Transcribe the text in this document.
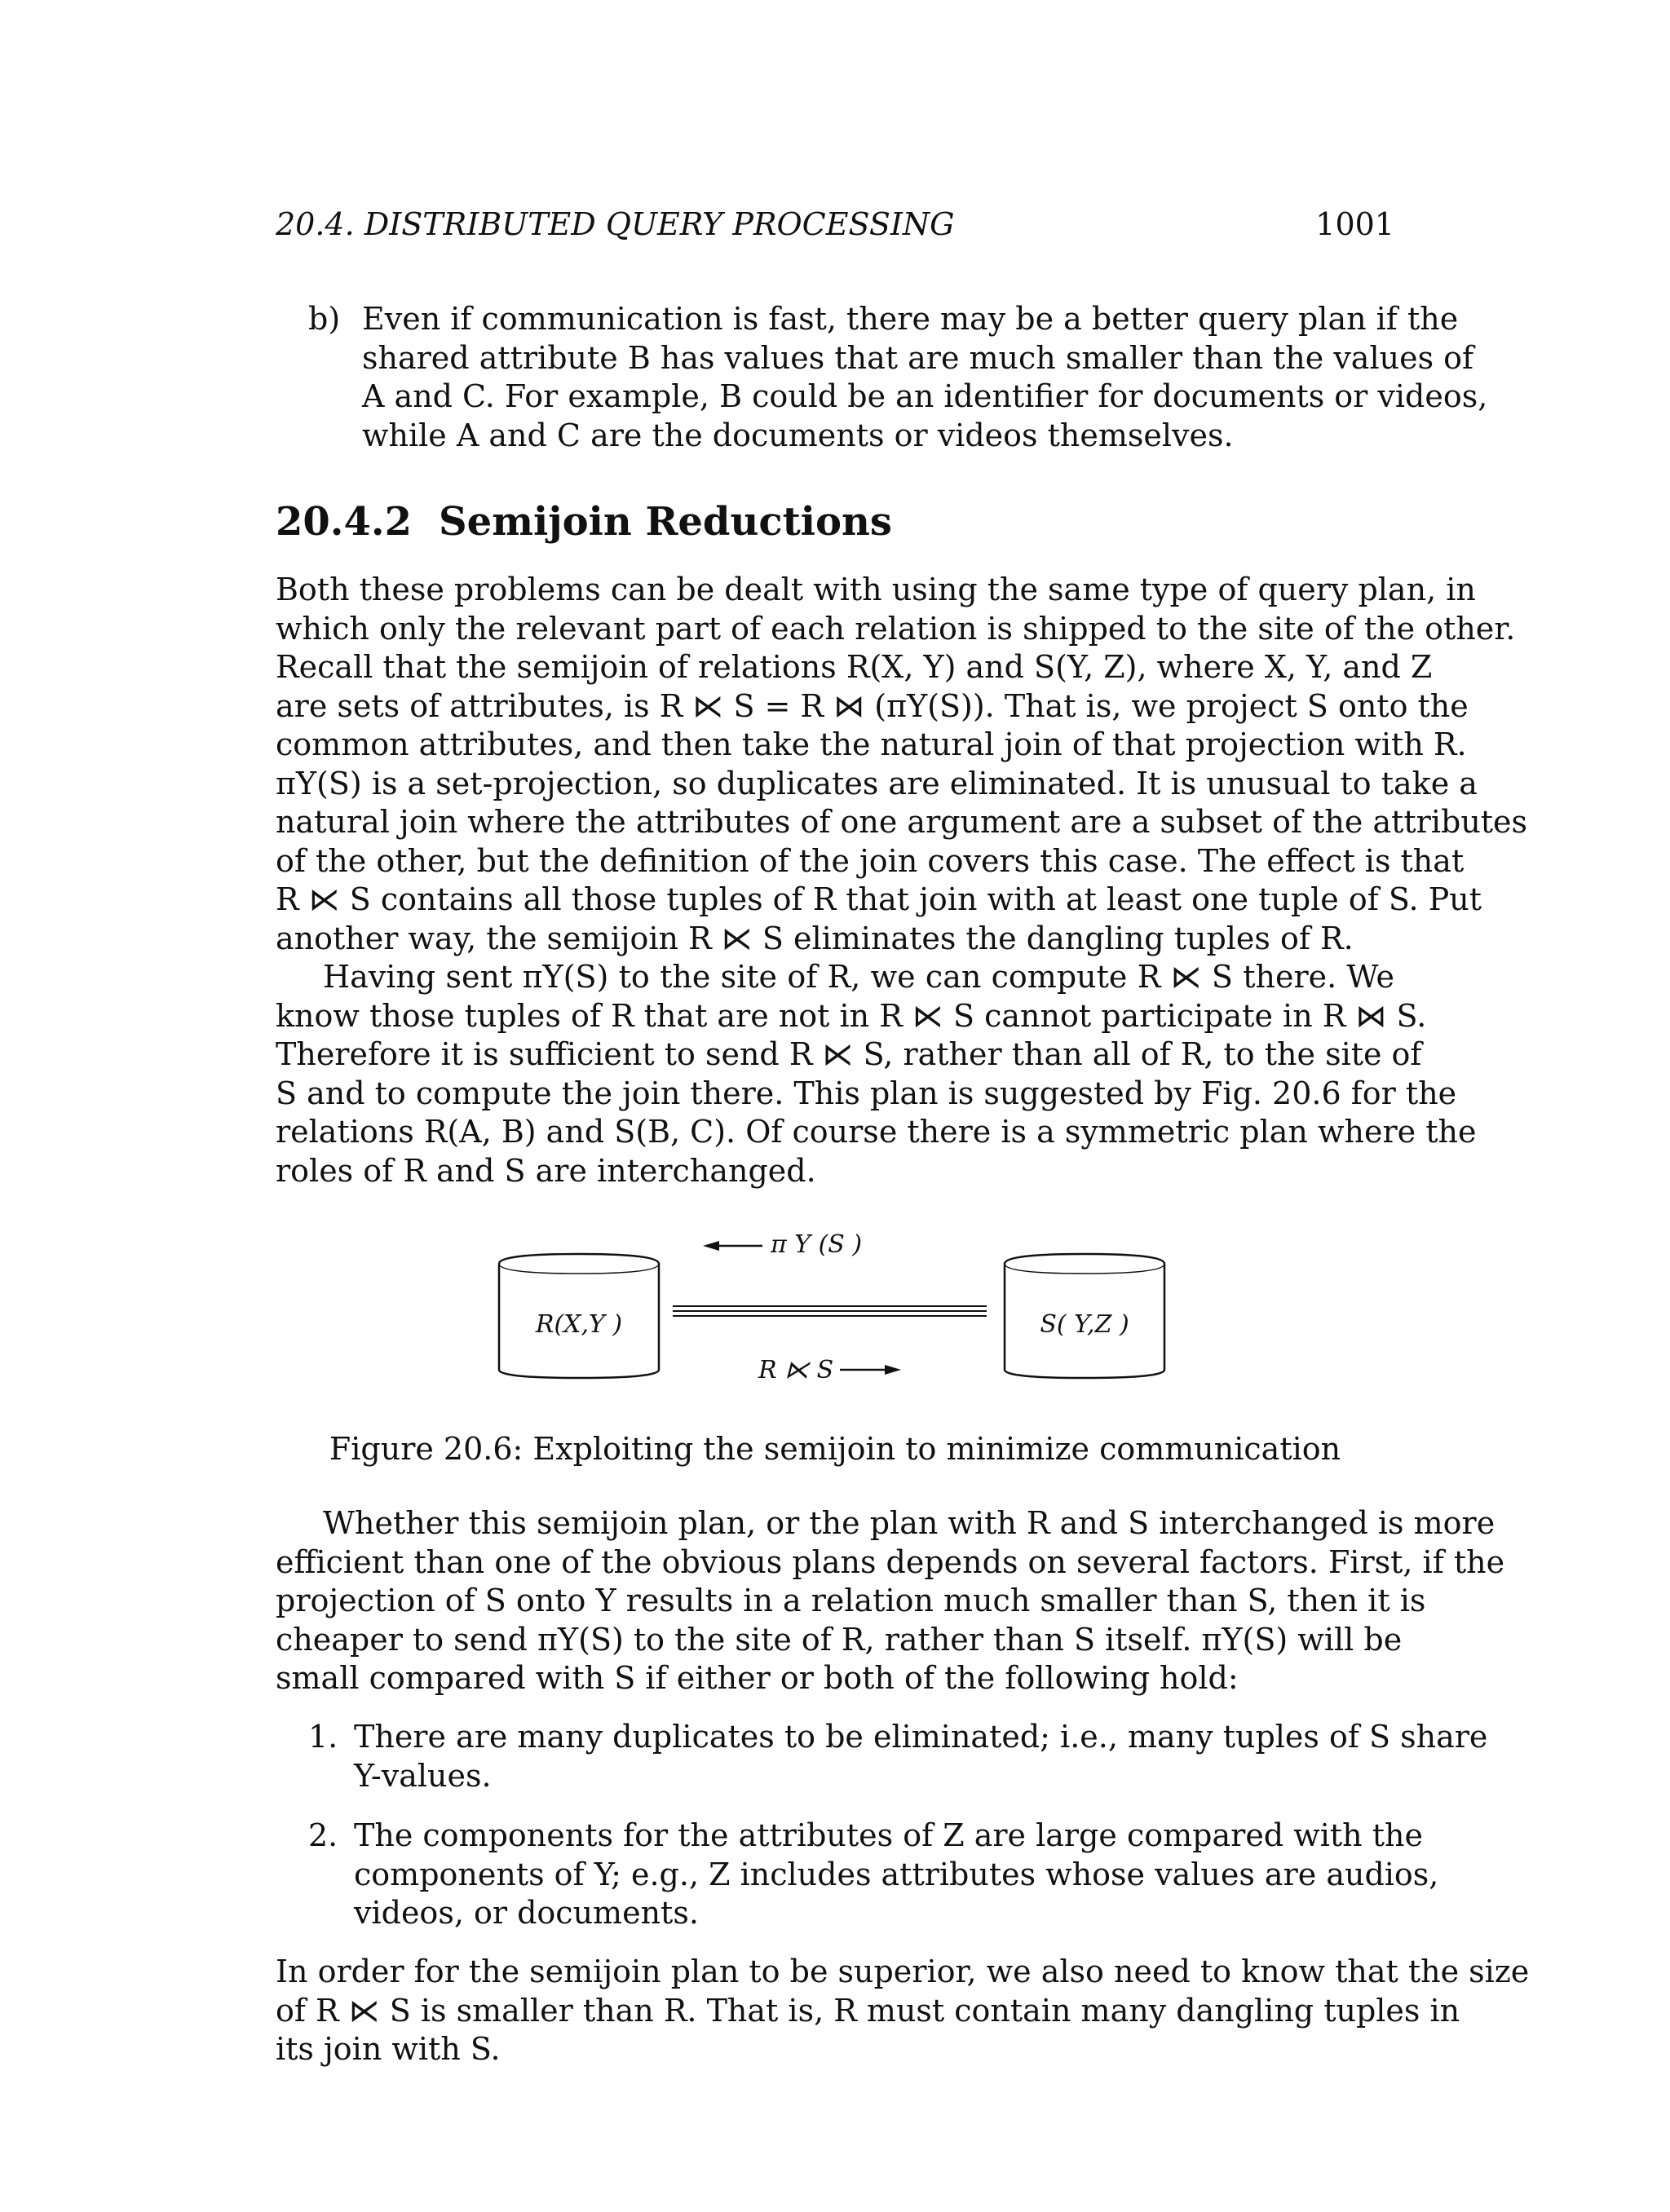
20.4. DISTRIBUTED QUERY PROCESSING	1001
b) Even if communication is fast, there may be a better query plan if the
shared attribute B has values that are much smaller than the values of
A and C. For example, B could be an identifier for documents or videos,
while A and C are the documents or videos themselves.
20.4.2 Semijoin Reductions
Both these problems can be dealt with using the same type of query plan, in
which only the relevant part of each relation is shipped to the site of the other.
Recall that the semijoin of relations R(X, Y) and S(Y, Z), where X, Y, and Z
are sets of attributes, is R ⋉ S = R ⋈ (πY(S)). That is, we project S onto the
common attributes, and then take the natural join of that projection with R.
πY(S) is a set-projection, so duplicates are eliminated. It is unusual to take a
natural join where the attributes of one argument are a subset of the attributes
of the other, but the definition of the join covers this case. The effect is that
R ⋉ S contains all those tuples of R that join with at least one tuple of S. Put
another way, the semijoin R ⋉ S eliminates the dangling tuples of R.
Having sent πY(S) to the site of R, we can compute R ⋉ S there. We
know those tuples of R that are not in R ⋉ S cannot participate in R ⋈ S.
Therefore it is sufficient to send R ⋉ S, rather than all of R, to the site of
S and to compute the join there. This plan is suggested by Fig. 20.6 for the
relations R(A, B) and S(B, C). Of course there is a symmetric plan where the
roles of R and S are interchanged.
R(X,Y )	S( Y,Z )
π Y (S )
R ⋉ S
Figure 20.6: Exploiting the semijoin to minimize communication
Whether this semijoin plan, or the plan with R and S interchanged is more
efficient than one of the obvious plans depends on several factors. First, if the
projection of S onto Y results in a relation much smaller than S, then it is
cheaper to send πY(S) to the site of R, rather than S itself. πY(S) will be
small compared with S if either or both of the following hold:
1. There are many duplicates to be eliminated; i.e., many tuples of S share
Y-values.
2. The components for the attributes of Z are large compared with the
components of Y; e.g., Z includes attributes whose values are audios,
videos, or documents.
In order for the semijoin plan to be superior, we also need to know that the size
of R ⋉ S is smaller than R. That is, R must contain many dangling tuples in
its join with S.
